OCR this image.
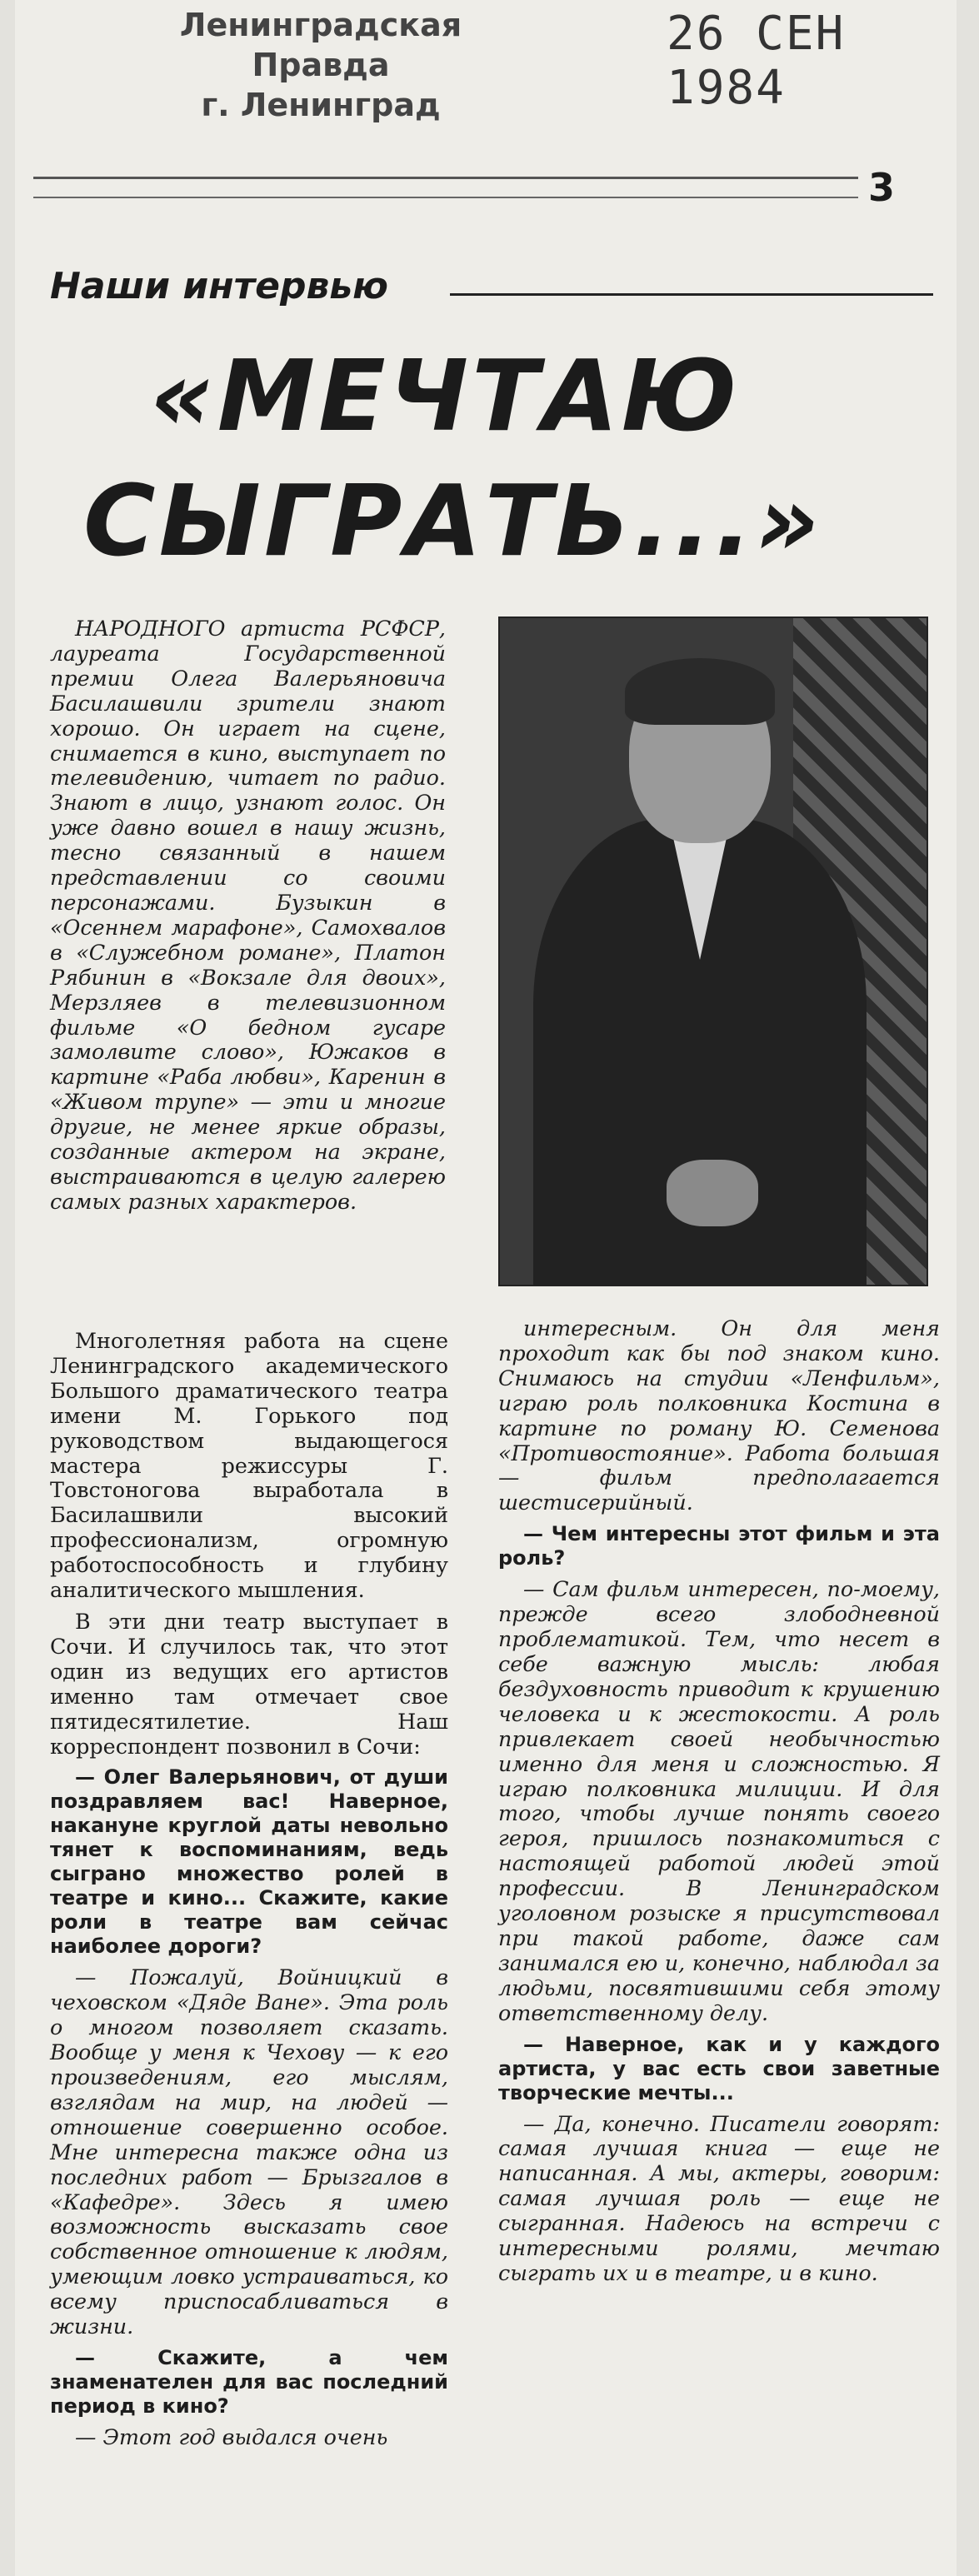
Ленинградская Правда
г. Ленинград
26 СЕН 1984
3
Наши интервью
«МЕЧТАЮ
СЫГРАТЬ...»

НАРОДНОГО артиста РСФСР, лауреата Государственной премии Олега Валерьяновича Басилашвили зрители знают хорошо. Он играет на сцене, снимается в кино, выступает по телевидению, читает по радио. Знают в лицо, узнают голос. Он уже давно вошел в нашу жизнь, тесно связанный в нашем представлении со своими персонажами. Бузыкин в «Осеннем марафоне», Самохвалов в «Служебном романе», Платон Рябинин в «Вокзале для двоих», Мерзляев в телевизионном фильме «О бедном гусаре замолвите слово», Южаков в картине «Раба любви», Каренин в «Живом трупе» — эти и многие другие, не менее яркие образы, созданные актером на экране, выстраиваются в целую галерею самых разных характеров.

Многолетняя работа на сцене Ленинградского академического Большого драматического театра имени М. Горького под руководством выдающегося мастера режиссуры Г. Товстоногова выработала в Басилашвили высокий профессионализм, огромную работоспособность и глубину аналитического мышления.

В эти дни театр выступает в Сочи. И случилось так, что этот один из ведущих его артистов именно там отмечает свое пятидесятилетие. Наш корреспондент позвонил в Сочи:

— Олег Валерьянович, от души поздравляем вас! Наверное, накануне круглой даты невольно тянет к воспоминаниям, ведь сыграно множество ролей в театре и кино... Скажите, какие роли в театре вам сейчас наиболее дороги?

— Пожалуй, Войницкий в чеховском «Дяде Ване». Эта роль о многом позволяет сказать. Вообще у меня к Чехову — к его произведениям, его мыслям, взглядам на мир, на людей — отношение совершенно особое. Мне интересна также одна из последних работ — Брызгалов в «Кафедре». Здесь я имею возможность высказать свое собственное отношение к людям, умеющим ловко устраиваться, ко всему приспосабливаться в жизни.

— Скажите, а чем знаменателен для вас последний период в кино?

— Этот год выдался очень

интересным. Он для меня проходит как бы под знаком кино. Снимаюсь на студии «Ленфильм», играю роль полковника Костина в картине по роману Ю. Семенова «Противостояние». Работа большая — фильм предполагается шестисерийный.

— Чем интересны этот фильм и эта роль?

— Сам фильм интересен, по-моему, прежде всего злободневной проблематикой. Тем, что несет в себе важную мысль: любая бездуховность приводит к крушению человека и к жестокости. А роль привлекает своей необычностью именно для меня и сложностью. Я играю полковника милиции. И для того, чтобы лучше понять своего героя, пришлось познакомиться с настоящей работой людей этой профессии. В Ленинградском уголовном розыске я присутствовал при такой работе, даже сам занимался ею и, конечно, наблюдал за людьми, посвятившими себя этому ответственному делу.

— Наверное, как и у каждого артиста, у вас есть свои заветные творческие мечты...

— Да, конечно. Писатели говорят: самая лучшая книга — еще не написанная. А мы, актеры, говорим: самая лучшая роль — еще не сыгранная. Надеюсь на встречи с интересными ролями, мечтаю сыграть их и в театре, и в кино.
